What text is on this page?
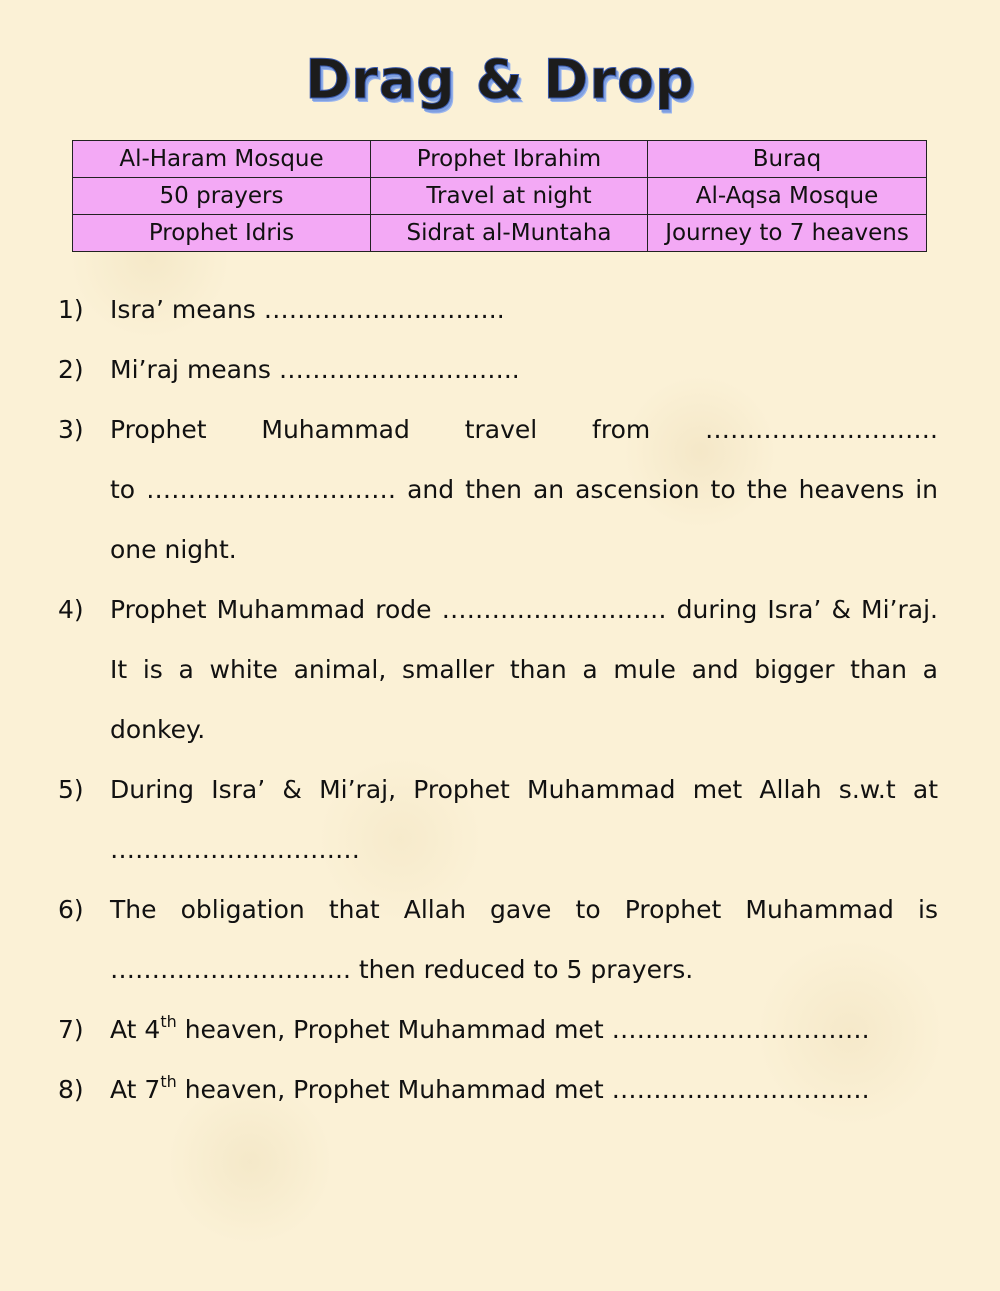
Drag & Drop
Al-Haram Mosque	Prophet Ibrahim	Buraq
50 prayers	Travel at night	Al-Aqsa Mosque
Prophet Idris	Sidrat al-Muntaha	Journey to 7 heavens
1) Isra’ means ………………………..
2) Mi’raj means ………………………..
3) Prophet Muhammad travel from ……………………….
to ………………………… and then an ascension to the heavens in one night.
4) Prophet Muhammad rode ……………………… during Isra’ & Mi’raj. It is a white animal, smaller than a mule and bigger than a donkey.
5) During Isra’ & Mi’raj, Prophet Muhammad met Allah s.w.t at …………………………
6) The obligation that Allah gave to Prophet Muhammad is ……………………….. then reduced to 5 prayers.
7) At 4th heaven, Prophet Muhammad met ………………………….
8) At 7th heaven, Prophet Muhammad met ………………………….
